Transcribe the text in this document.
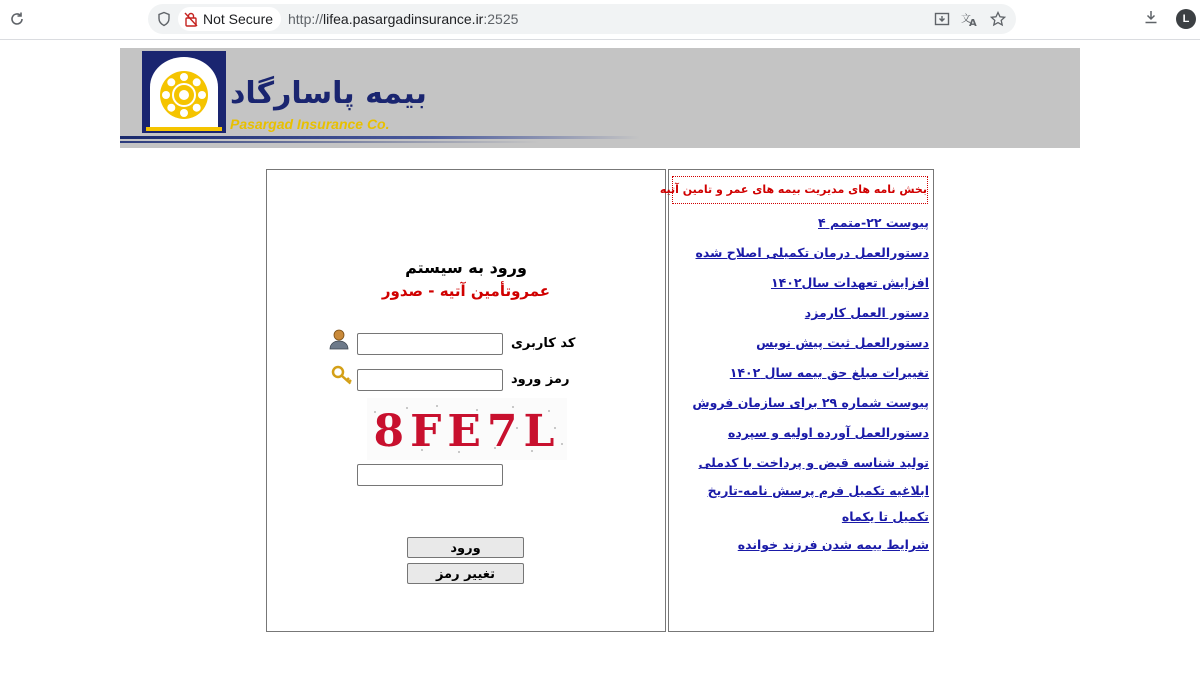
Not Secure http://lifea.pasargadinsurance.ir:2525	文
A	L
بیمه پاسارگاد
Pasargad Insurance Co.
ورود به سیستم
عمروتأمین آتیه - صدور
کد کاربری
رمز ورود
8FE7L
ورود
تغییر رمز
بخش نامه های مدیریت بیمه های عمر و تامین آتیه
پیوست ۲۲-متمم ۴
دستورالعمل درمان تکمیلی اصلاح شده
افزایش تعهدات سال۱۴۰۲
دستور العمل کارمزد
دستورالعمل ثبت پیش نویس
تغییرات مبلغ حق بیمه سال ۱۴۰۲
پیوست شماره ۲۹ برای سازمان فروش
دستورالعمل آورده اولیه و سپرده
تولید شناسه قبض و پرداخت با کدملی
ابلاغیه تکمیل فرم پرسش نامه-تاریخ تکمیل تا یکماه
شرایط بیمه شدن فرزند خوانده
